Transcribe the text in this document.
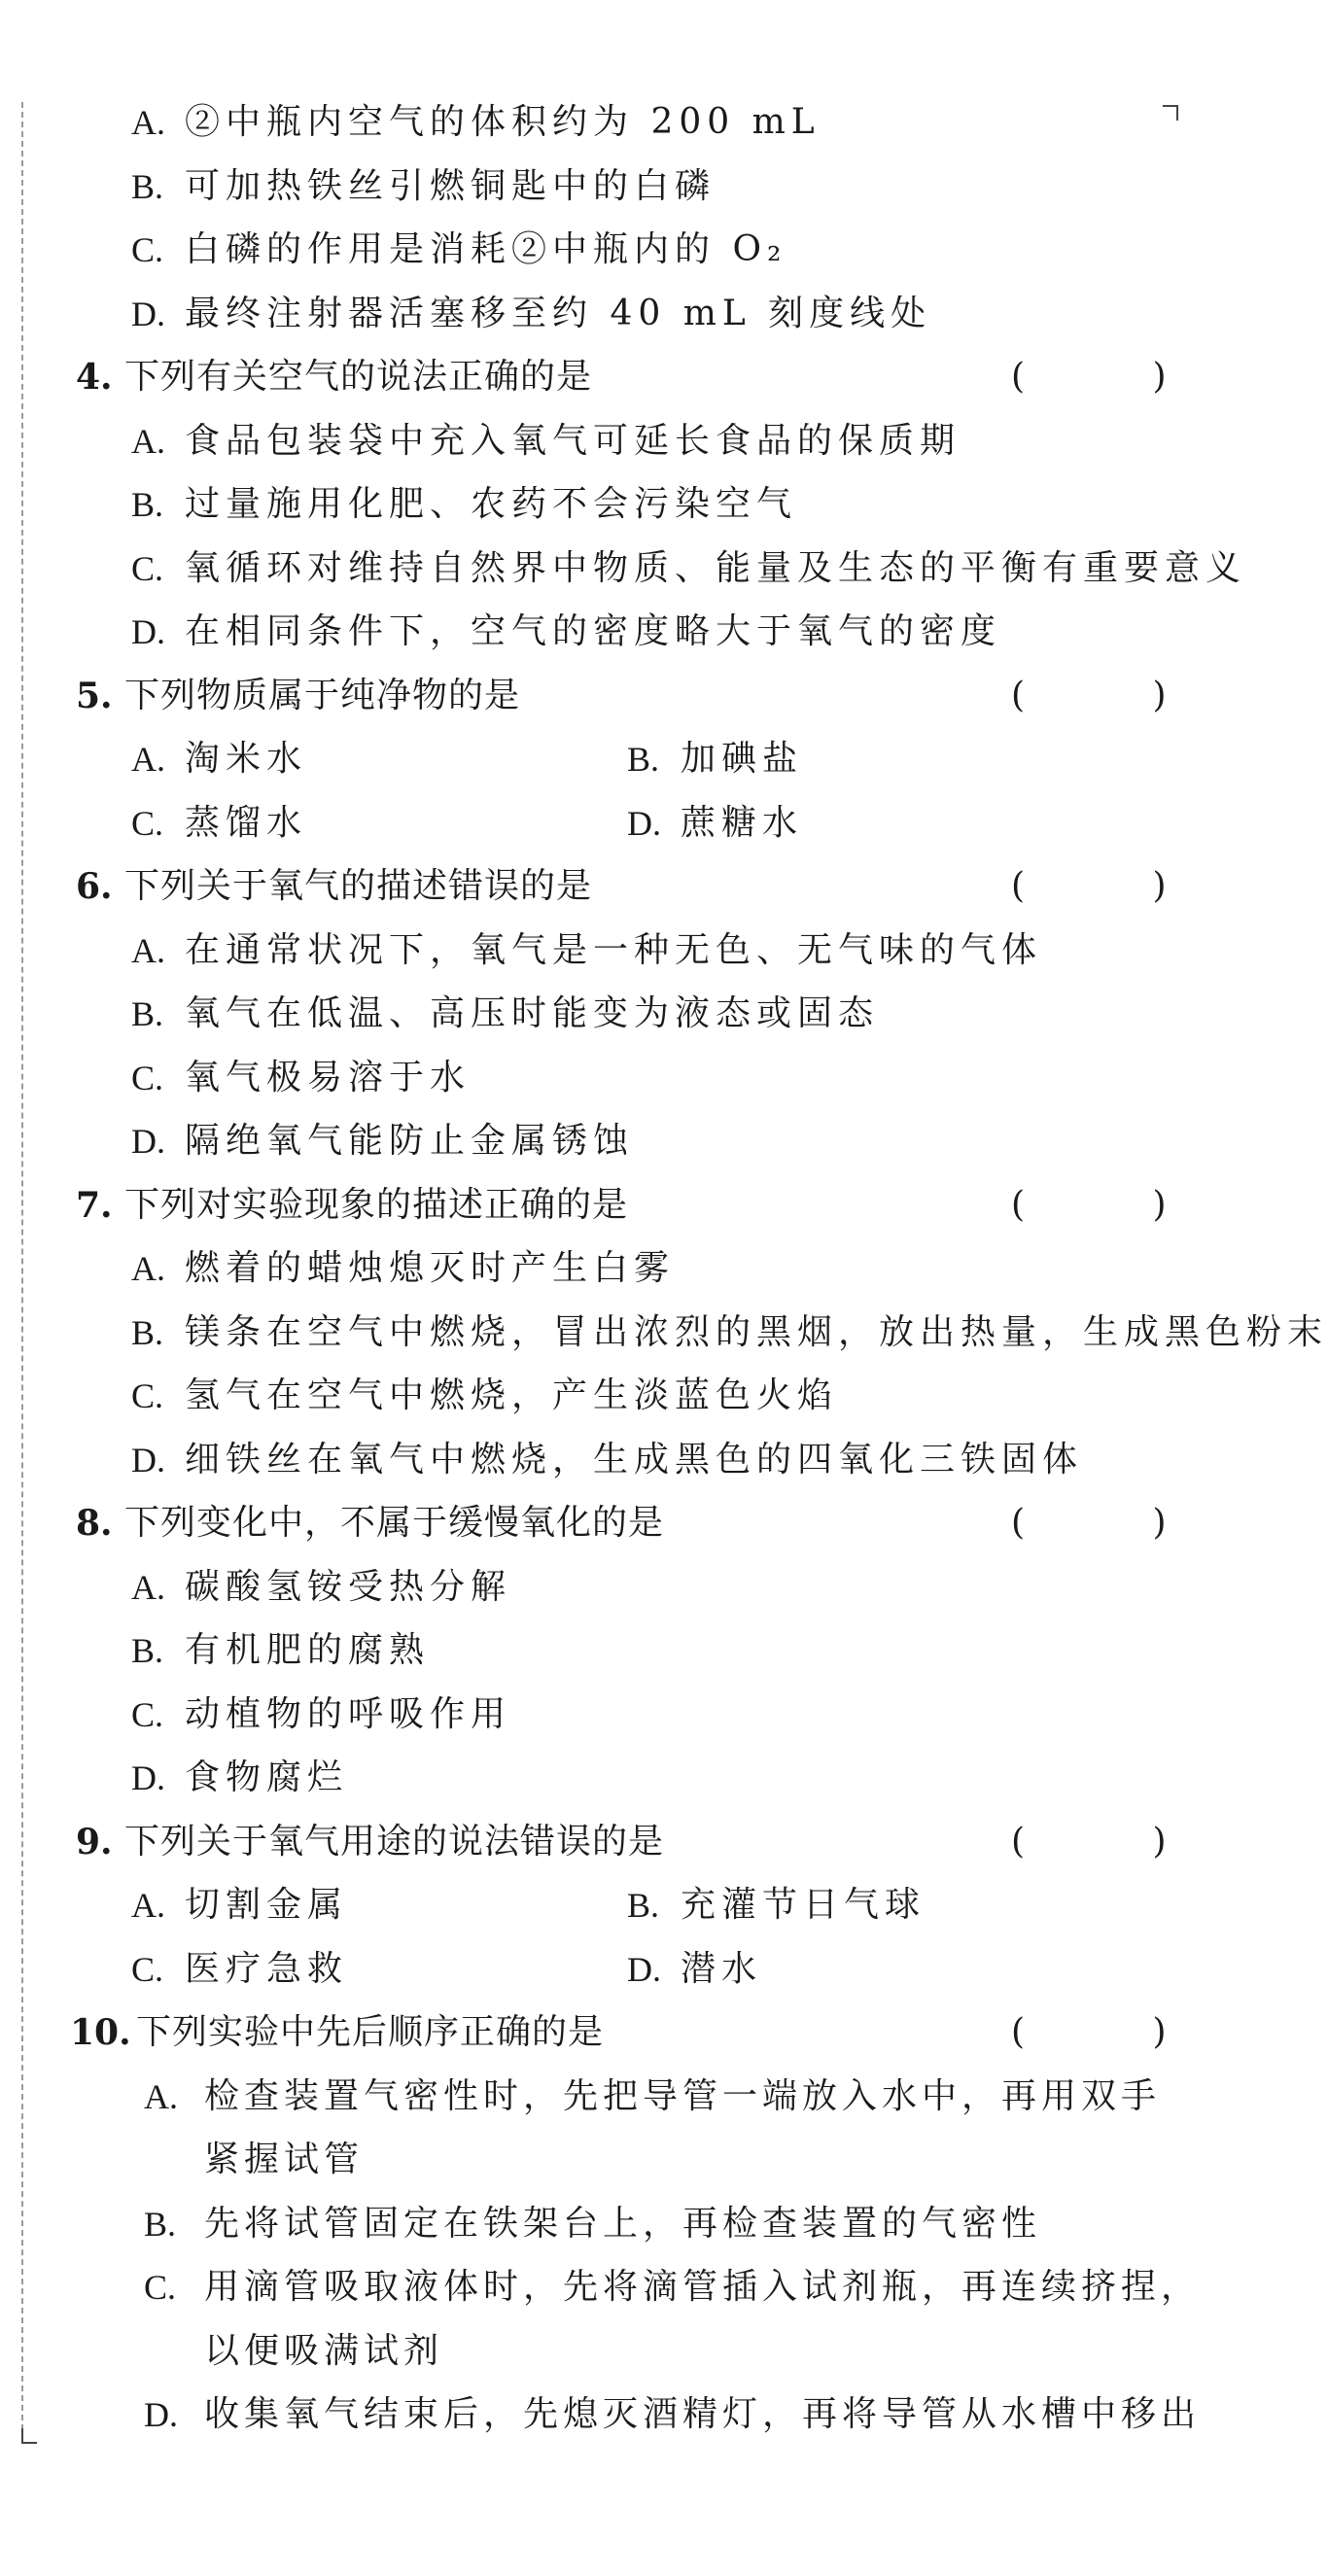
A. ②中瓶内空气的体积约为 200 mL
B. 可加热铁丝引燃铜匙中的白磷
C. 白磷的作用是消耗②中瓶内的 O₂
D. 最终注射器活塞移至约 40 mL 刻度线处
4. 下列有关空气的说法正确的是	( )
A. 食品包装袋中充入氧气可延长食品的保质期
B. 过量施用化肥、农药不会污染空气
C. 氧循环对维持自然界中物质、能量及生态的平衡有重要意义
D. 在相同条件下，空气的密度略大于氧气的密度
5. 下列物质属于纯净物的是	( )
A. 淘米水	B. 加碘盐
C. 蒸馏水	D. 蔗糖水
6. 下列关于氧气的描述错误的是	( )
A. 在通常状况下，氧气是一种无色、无气味的气体
B. 氧气在低温、高压时能变为液态或固态
C. 氧气极易溶于水
D. 隔绝氧气能防止金属锈蚀
7. 下列对实验现象的描述正确的是	( )
A. 燃着的蜡烛熄灭时产生白雾
B. 镁条在空气中燃烧，冒出浓烈的黑烟，放出热量，生成黑色粉末
C. 氢气在空气中燃烧，产生淡蓝色火焰
D. 细铁丝在氧气中燃烧，生成黑色的四氧化三铁固体
8. 下列变化中，不属于缓慢氧化的是	( )
A. 碳酸氢铵受热分解
B. 有机肥的腐熟
C. 动植物的呼吸作用
D. 食物腐烂
9. 下列关于氧气用途的说法错误的是	( )
A. 切割金属	B. 充灌节日气球
C. 医疗急救	D. 潜水
10. 下列实验中先后顺序正确的是	( )
A. 检查装置气密性时，先把导管一端放入水中，再用双手
紧握试管
B. 先将试管固定在铁架台上，再检查装置的气密性
C. 用滴管吸取液体时，先将滴管插入试剂瓶，再连续挤捏，
以便吸满试剂
D. 收集氧气结束后，先熄灭酒精灯，再将导管从水槽中移出
